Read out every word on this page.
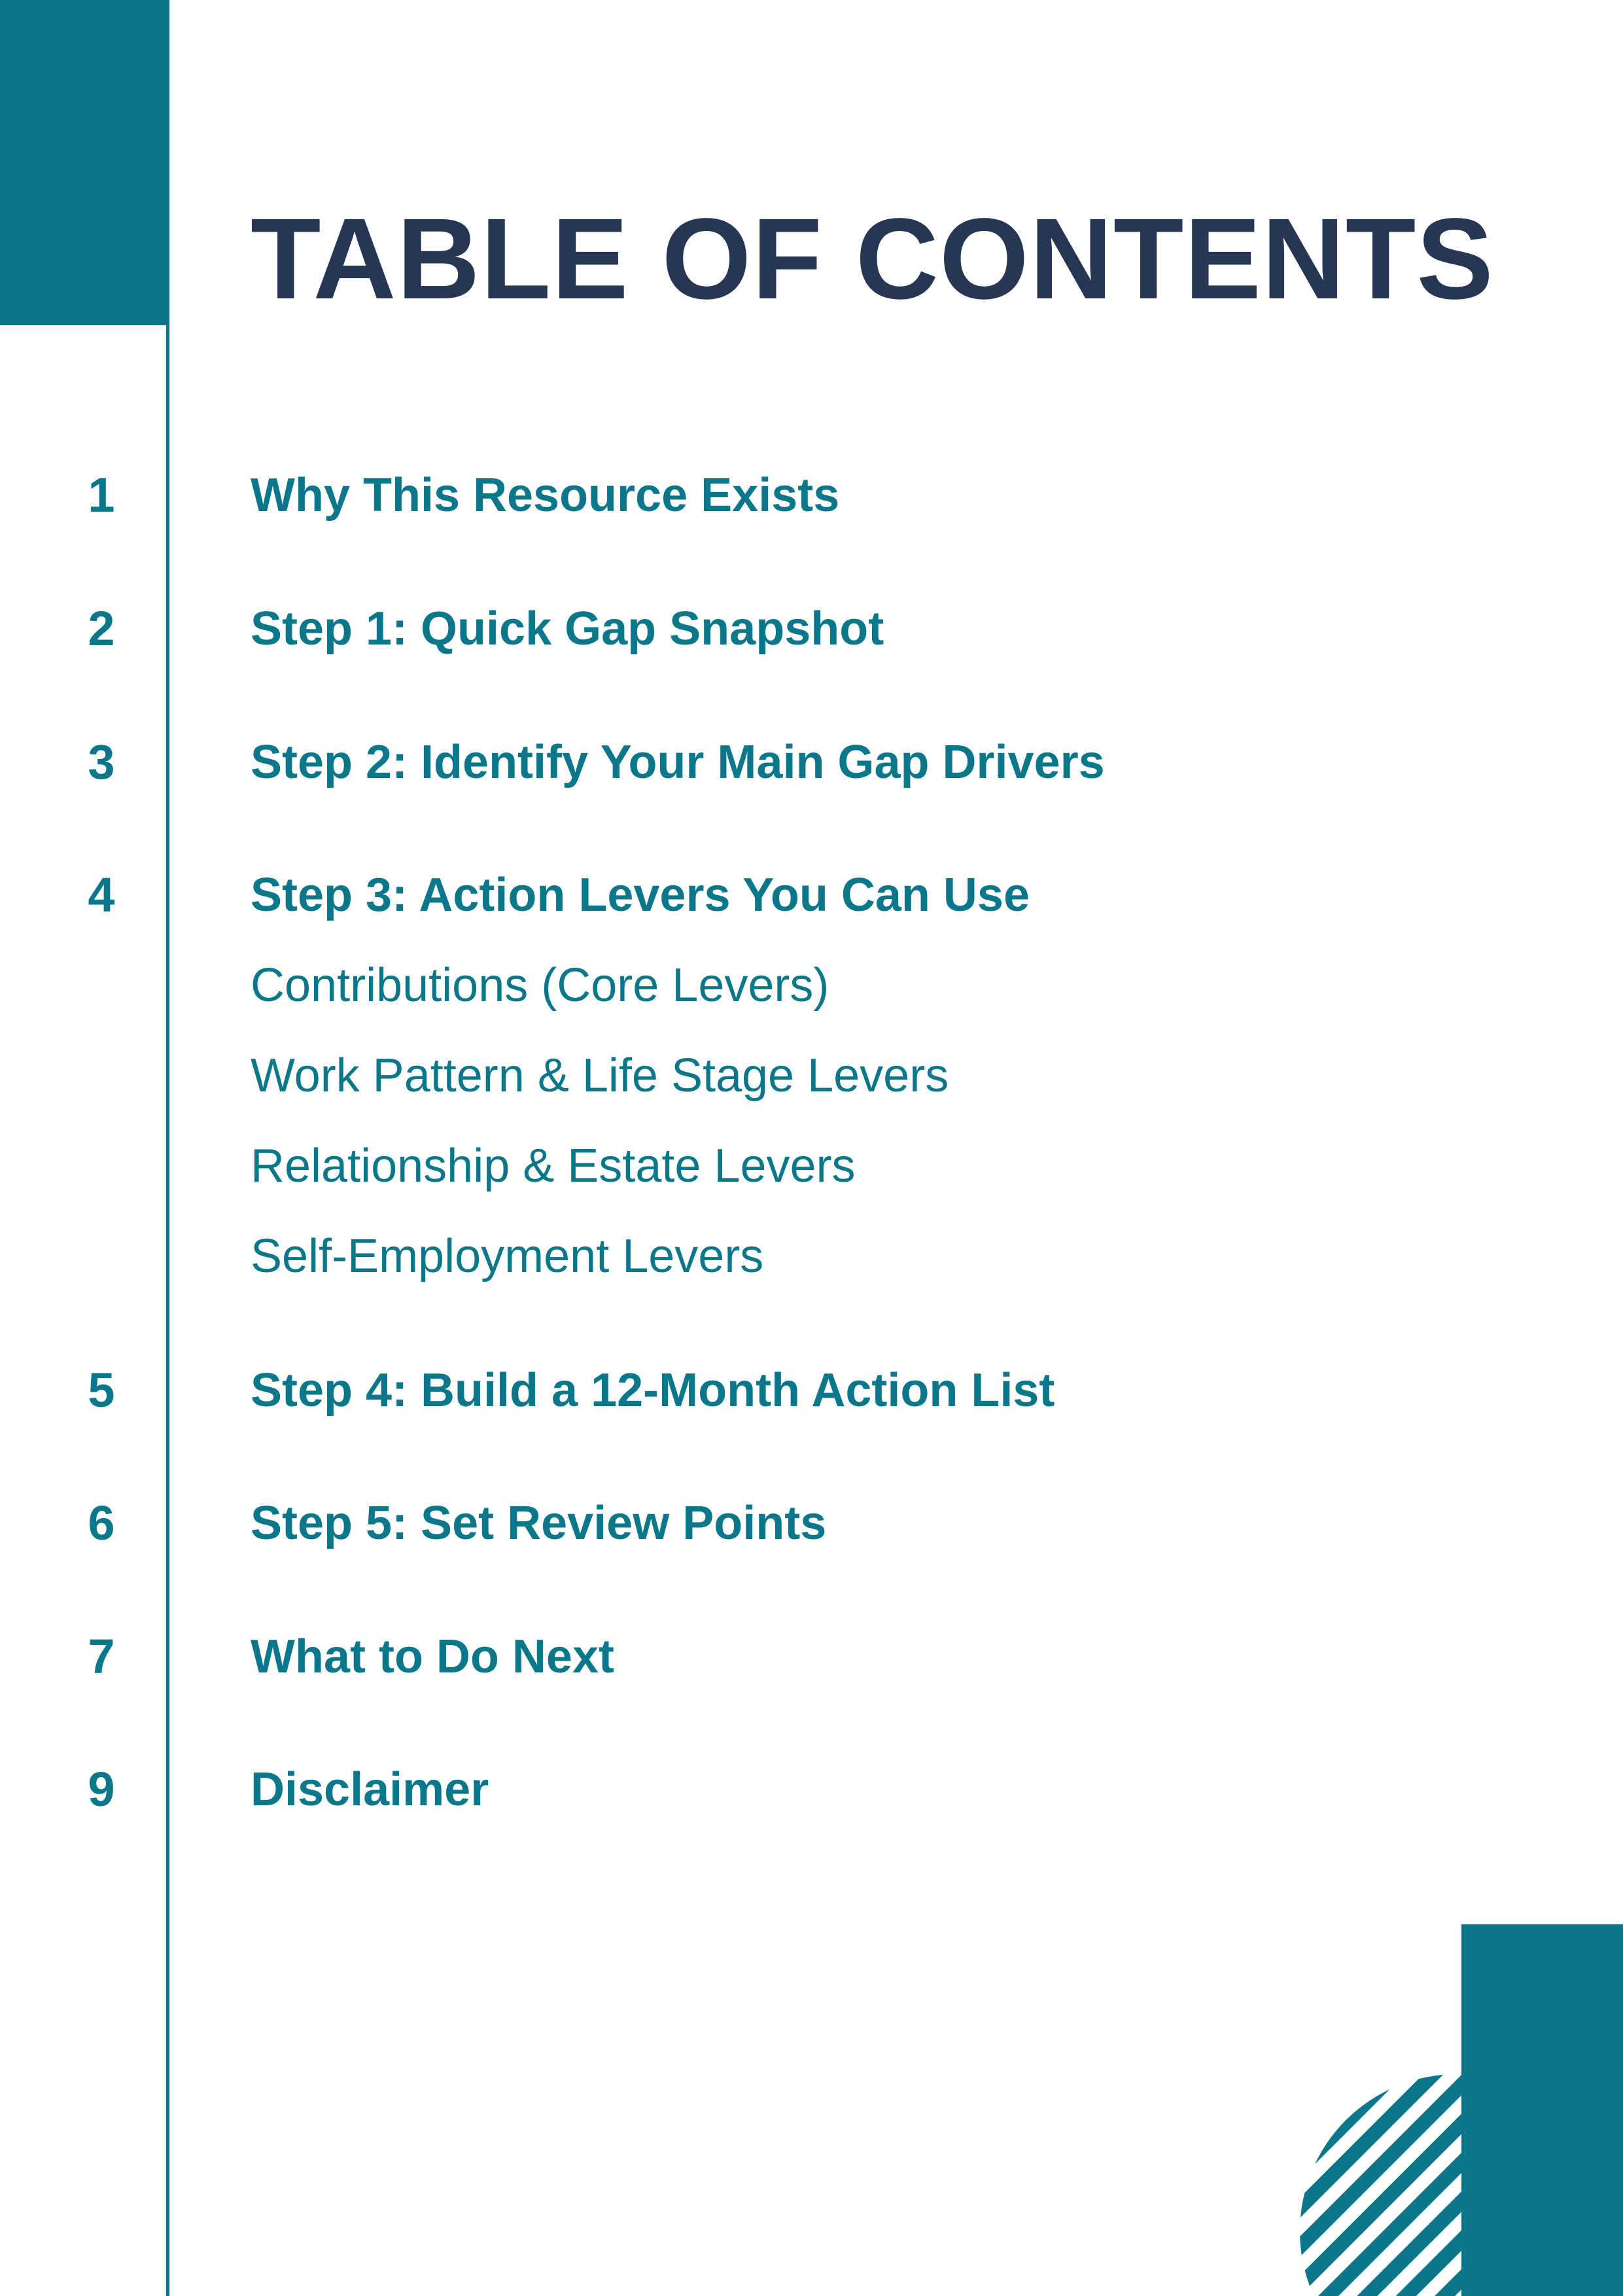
TABLE OF CONTENTS
1	Why This Resource Exists
2	Step 1: Quick Gap Snapshot
3	Step 2: Identify Your Main Gap Drivers
4	Step 3: Action Levers You Can Use
Contributions (Core Levers)
Work Pattern & Life Stage Levers
Relationship & Estate Levers
Self-Employment Levers
5	Step 4: Build a 12-Month Action List
6	Step 5: Set Review Points
7	What to Do Next
9	Disclaimer
